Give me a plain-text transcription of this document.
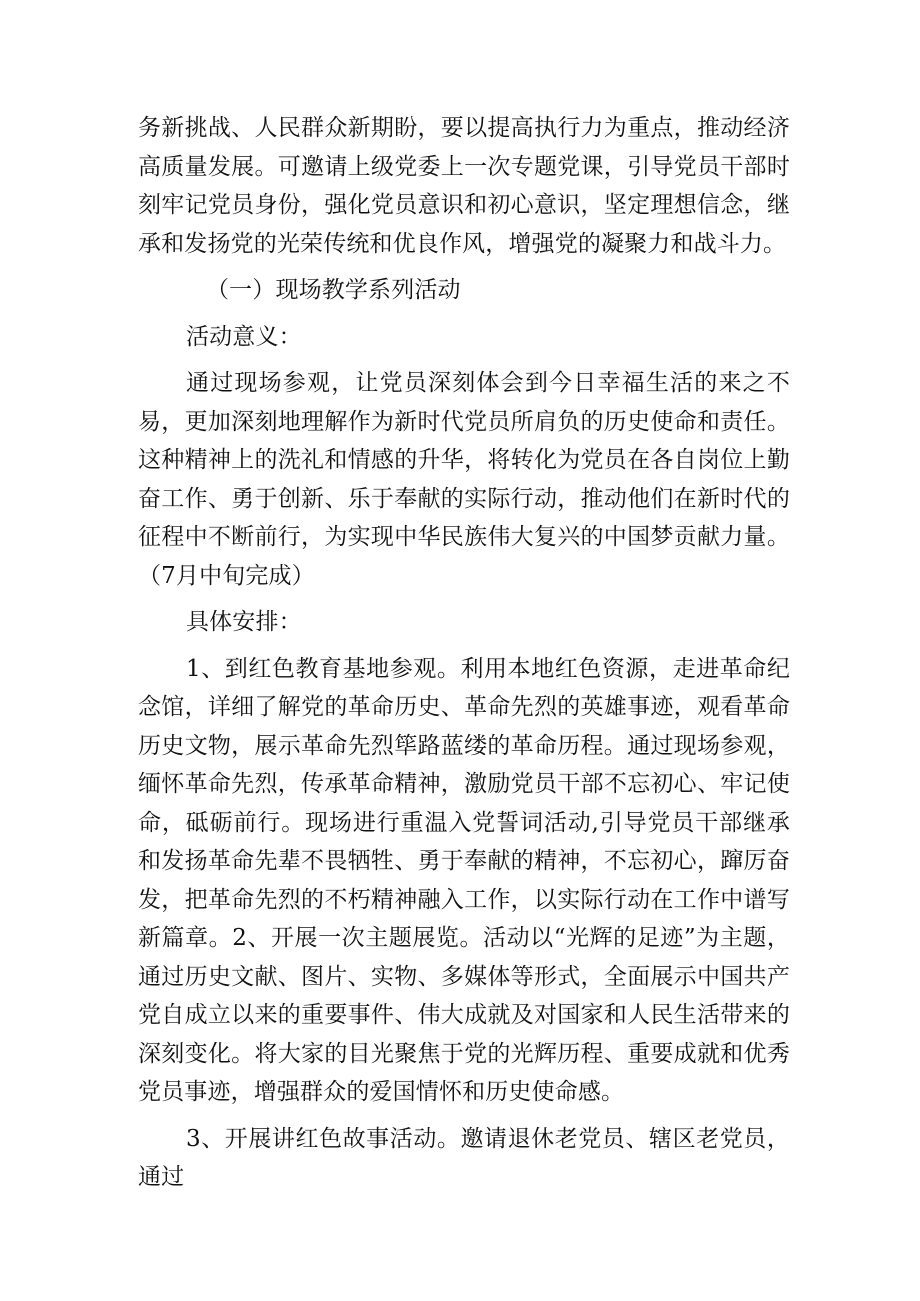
务新挑战、人民群众新期盼，要以提高执行力为重点，推动经济高质量发展。可邀请上级党委上一次专题党课，引导党员干部时刻牢记党员身份，强化党员意识和初心意识，坚定理想信念，继承和发扬党的光荣传统和优良作风，增强党的凝聚力和战斗力。

（一）现场教学系列活动

活动意义：

通过现场参观，让党员深刻体会到今日幸福生活的来之不易，更加深刻地理解作为新时代党员所肩负的历史使命和责任。这种精神上的洗礼和情感的升华，将转化为党员在各自岗位上勤奋工作、勇于创新、乐于奉献的实际行动，推动他们在新时代的征程中不断前行，为实现中华民族伟大复兴的中国梦贡献力量。（7月中旬完成）

具体安排：

1、到红色教育基地参观。利用本地红色资源，走进革命纪念馆，详细了解党的革命历史、革命先烈的英雄事迹，观看革命历史文物，展示革命先烈筚路蓝缕的革命历程。通过现场参观，缅怀革命先烈，传承革命精神，激励党员干部不忘初心、牢记使命，砥砺前行。现场进行重温入党誓词活动,引导党员干部继承和发扬革命先辈不畏牺牲、勇于奉献的精神，不忘初心，蹿厉奋发，把革命先烈的不朽精神融入工作，以实际行动在工作中谱写新篇章。2、开展一次主题展览。活动以“光辉的足迹”为主题，通过历史文献、图片、实物、多媒体等形式，全面展示中国共产党自成立以来的重要事件、伟大成就及对国家和人民生活带来的深刻变化。将大家的目光聚焦于党的光辉历程、重要成就和优秀党员事迹，增强群众的爱国情怀和历史使命感。

3、开展讲红色故事活动。邀请退休老党员、辖区老党员，通过
